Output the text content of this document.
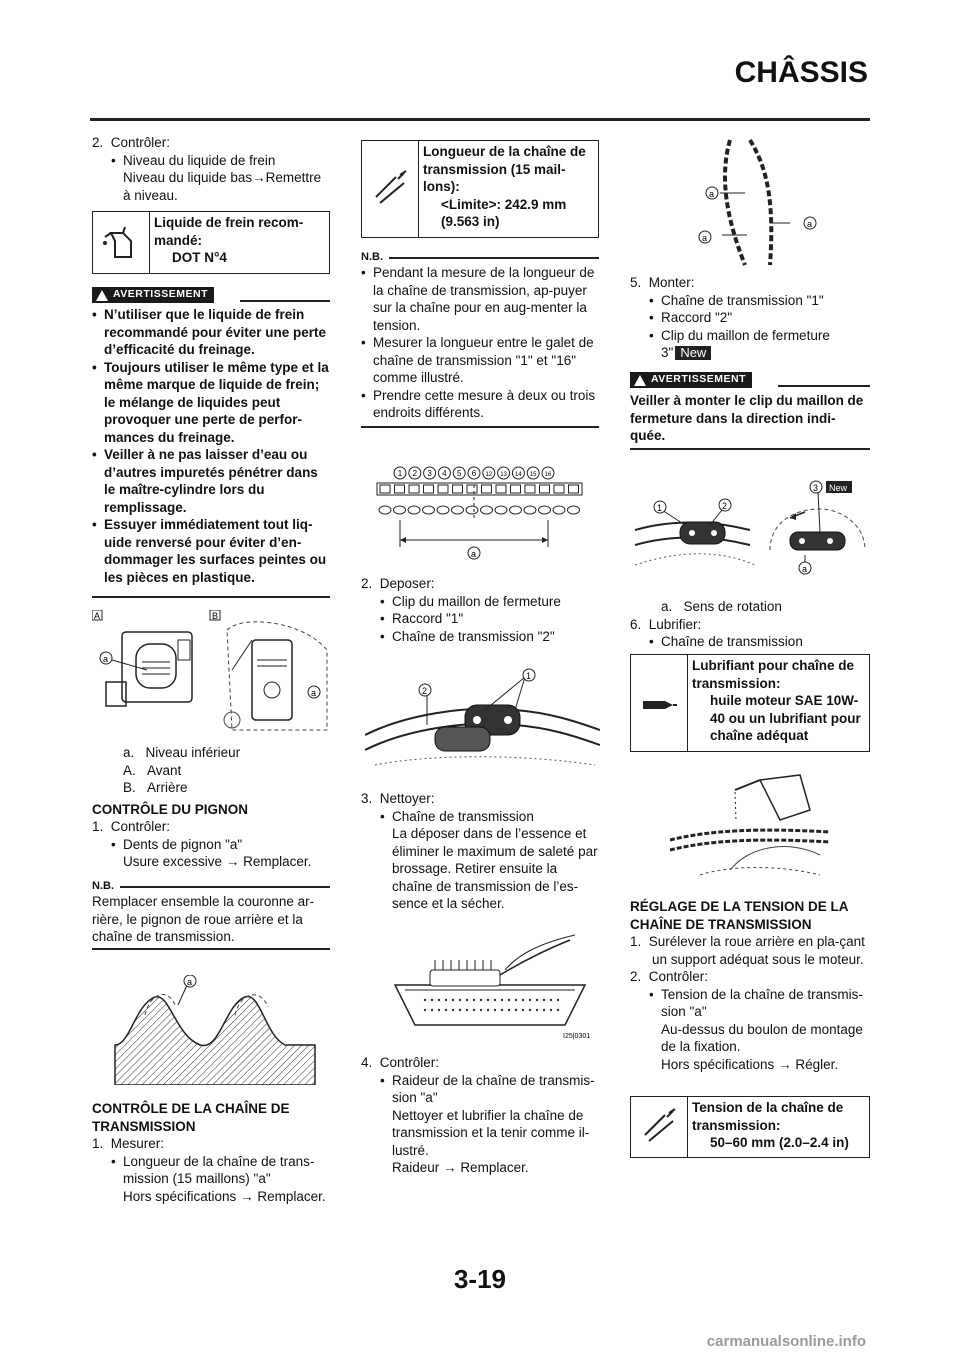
CHÂSSIS

2. Contrôler:

• Niveau du liquide de frein

Niveau du liquide bas→Remettre à niveau.

Liquide de frein recom-mandé:
DOT N°4
AVERTISSEMENT

• N’utiliser que le liquide de frein recommandé pour éviter une perte d’efficacité du freinage.

• Toujours utiliser le même type et la même marque de liquide de frein; le mélange de liquides peut provoquer une perte de perfor-mances du freinage.

• Veiller à ne pas laisser d’eau ou d’autres impuretés pénétrer dans le maître-cylindre lors du remplissage.

• Essuyer immédiatement tout liq-uide renversé pour éviter d’en-dommager les surfaces peintes ou les pièces en plastique.

A	B
a
a

a. Niveau inférieur

A. Avant

B. Arrière

CONTRÔLE DU PIGNON

1. Contrôler:

• Dents de pignon "a"

Usure excessive → Remplacer.

N.B.

Remplacer ensemble la couronne ar-rière, le pignon de roue arrière et la chaîne de transmission.

a

CONTRÔLE DE LA CHAÎNE DE TRANSMISSION

1. Mesurer:

• Longueur de la chaîne de trans-mission (15 maillons) "a"

Hors spécifications → Remplacer.

Longueur de la chaîne de transmission (15 mail-lons):
<Limite>: 242.9 mm (9.563 in)
N.B.

• Pendant la mesure de la longueur de la chaîne de transmission, ap-puyer sur la chaîne pour en aug-menter la tension.

• Mesurer la longueur entre le galet de chaîne de transmission "1" et "16" comme illustré.

• Prendre cette mesure à deux ou trois endroits différents.

1 2 3 4 5 6 12 13 14 15 16
a

2. Deposer:

• Clip du maillon de fermeture

• Raccord "1"

• Chaîne de transmission "2"

1
2

3. Nettoyer:

• Chaîne de transmission

La déposer dans de l’essence et éliminer le maximum de saleté par brossage. Retirer ensuite la chaîne de transmission de l’es-sence et la sécher.

I25|0301

4. Contrôler:

• Raideur de la chaîne de transmis-sion "a"

Nettoyer et lubrifier la chaîne de transmission et la tenir comme il-lustré.

Raideur → Remplacer.

a
a
a

5. Monter:

• Chaîne de transmission "1"

• Raccord "2"

• Clip du maillon de fermeture

3" New

AVERTISSEMENT

Veiller à monter le clip du maillon de fermeture dans la direction indi-quée.

1	2
3 New
a

a. Sens de rotation

6. Lubrifier:

• Chaîne de transmission

Lubrifiant pour chaîne de transmission:
huile moteur SAE 10W-40 ou un lubrifiant pour chaîne adéquat

RÉGLAGE DE LA TENSION DE LA CHAÎNE DE TRANSMISSION

1. Surélever la roue arrière en pla-çant un support adéquat sous le moteur.

2. Contrôler:

• Tension de la chaîne de transmis-sion "a"

Au-dessus du boulon de montage de la fixation.

Hors spécifications → Régler.

Tension de la chaîne de transmission:
50–60 mm (2.0–2.4 in)
3-19
carmanualsonline.info
